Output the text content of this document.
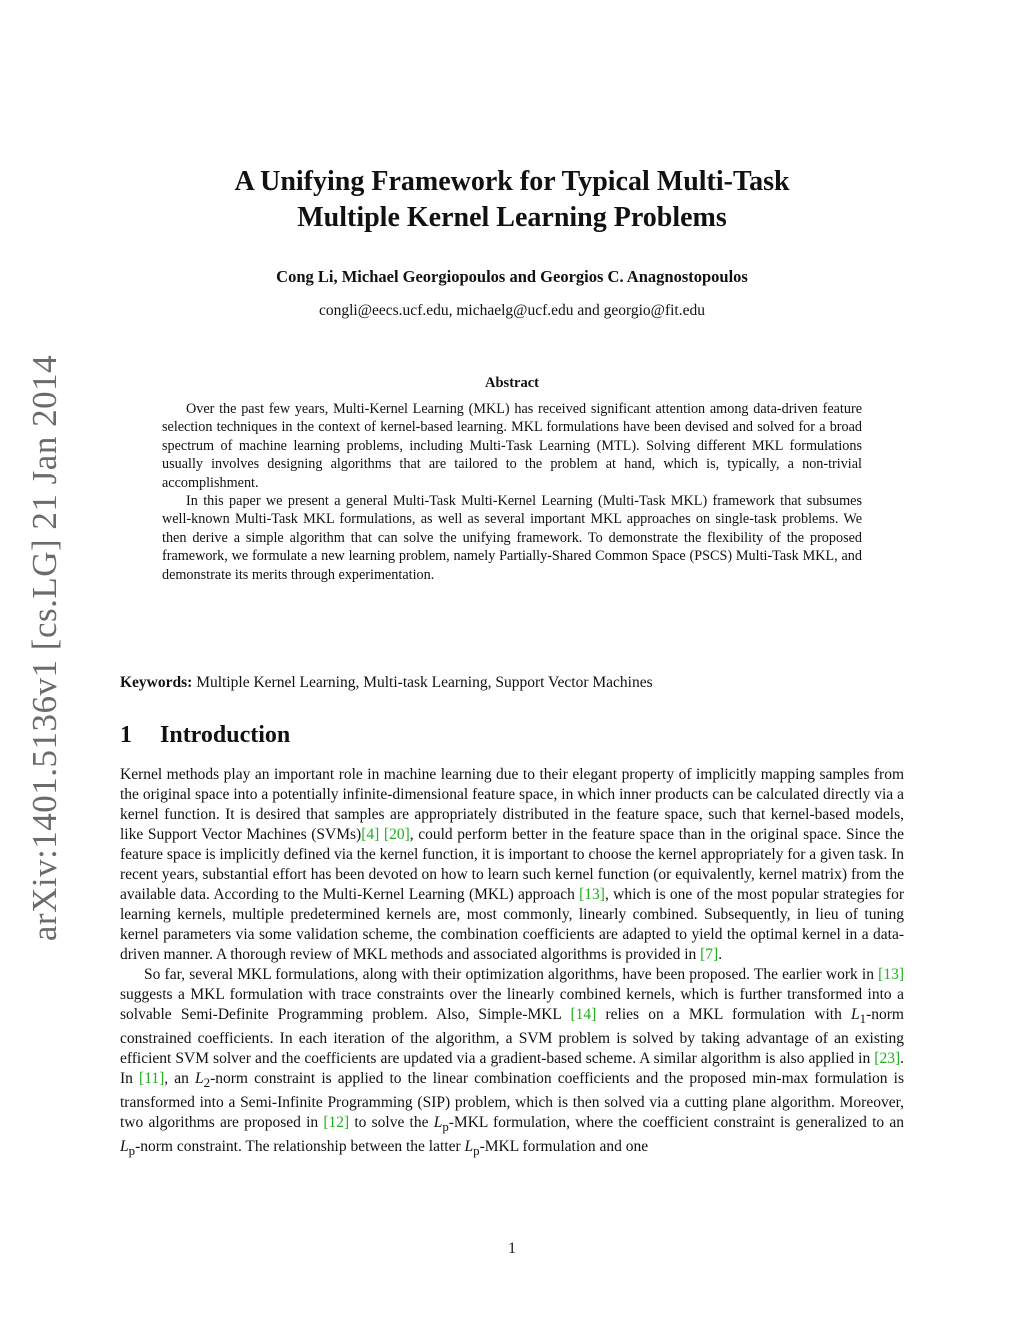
arXiv:1401.5136v1 [cs.LG] 21 Jan 2014
A Unifying Framework for Typical Multi-Task
Multiple Kernel Learning Problems
Cong Li, Michael Georgiopoulos and Georgios C. Anagnostopoulos
congli@eecs.ucf.edu, michaelg@ucf.edu and georgio@fit.edu
Abstract

Over the past few years, Multi-Kernel Learning (MKL) has received significant attention among data-driven feature selection techniques in the context of kernel-based learning. MKL formulations have been devised and solved for a broad spectrum of machine learning problems, including Multi-Task Learning (MTL). Solving different MKL formulations usually involves designing algorithms that are tailored to the problem at hand, which is, typically, a non-trivial accomplishment.

In this paper we present a general Multi-Task Multi-Kernel Learning (Multi-Task MKL) framework that subsumes well-known Multi-Task MKL formulations, as well as several important MKL approaches on single-task problems. We then derive a simple algorithm that can solve the unifying framework. To demonstrate the flexibility of the proposed framework, we formulate a new learning problem, namely Partially-Shared Common Space (PSCS) Multi-Task MKL, and demonstrate its merits through experimentation.

Keywords: Multiple Kernel Learning, Multi-task Learning, Support Vector Machines
1 Introduction

Kernel methods play an important role in machine learning due to their elegant property of implicitly mapping samples from the original space into a potentially infinite-dimensional feature space, in which inner products can be calculated directly via a kernel function. It is desired that samples are appropriately distributed in the feature space, such that kernel-based models, like Support Vector Machines (SVMs)[4] [20], could perform better in the feature space than in the original space. Since the feature space is implicitly defined via the kernel function, it is important to choose the kernel appropriately for a given task. In recent years, substantial effort has been devoted on how to learn such kernel function (or equivalently, kernel matrix) from the available data. According to the Multi-Kernel Learning (MKL) approach [13], which is one of the most popular strategies for learning kernels, multiple predetermined kernels are, most commonly, linearly combined. Subsequently, in lieu of tuning kernel parameters via some validation scheme, the combination coefficients are adapted to yield the optimal kernel in a data-driven manner. A thorough review of MKL methods and associated algorithms is provided in [7].

So far, several MKL formulations, along with their optimization algorithms, have been proposed. The earlier work in [13] suggests a MKL formulation with trace constraints over the linearly combined kernels, which is further transformed into a solvable Semi-Definite Programming problem. Also, Simple-MKL [14] relies on a MKL formulation with $L_1$-norm constrained coefficients. In each iteration of the algorithm, a SVM problem is solved by taking advantage of an existing efficient SVM solver and the coefficients are updated via a gradient-based scheme. A similar algorithm is also applied in [23]. In [11], an $L_2$-norm constraint is applied to the linear combination coefficients and the proposed min-max formulation is transformed into a Semi-Infinite Programming (SIP) problem, which is then solved via a cutting plane algorithm. Moreover, two algorithms are proposed in [12] to solve the $L_p$-MKL formulation, where the coefficient constraint is generalized to an $L_p$-norm constraint. The relationship between the latter $L_p$-MKL formulation and one

1
